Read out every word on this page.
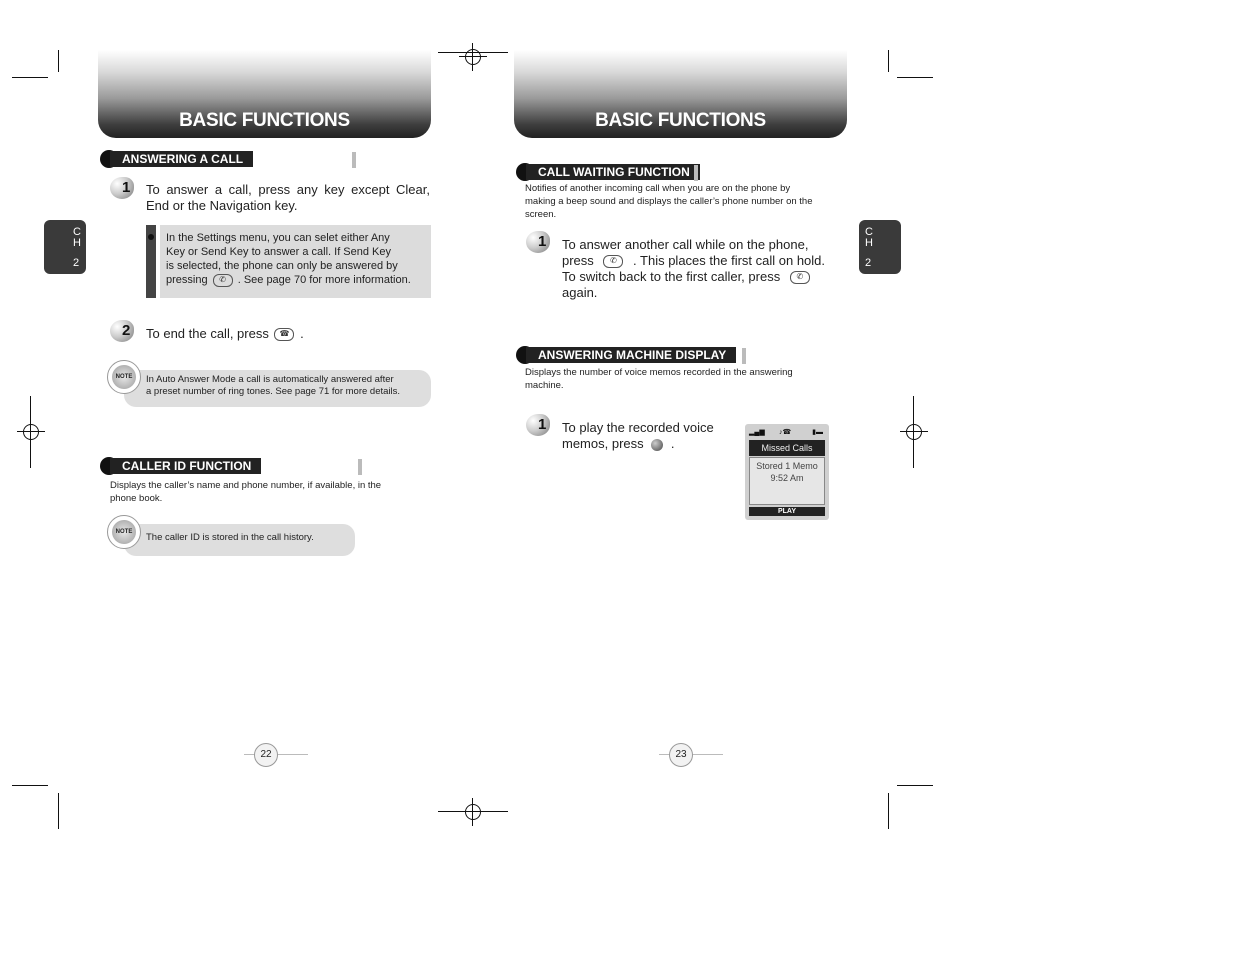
BASIC FUNCTIONS
C
H
2
ANSWERING A CALL
1 To answer a call, press any key except Clear, End or the Navigation key.
In the Settings menu, you can selet either Any
Key or Send Key to answer a call. If Send Key
is selected, the phone can only be answered by
pressing ✆ . See page 70 for more information.
2 To end the call, press ☎ .
In Auto Answer Mode a call is automatically answered after
a preset number of ring tones. See page 71 for more details.
NOTE
CALLER ID FUNCTION
Displays the caller’s name and phone number, if available, in the
phone book.
The caller ID is stored in the call history.
NOTE
22
BASIC FUNCTIONS
C
H
2
CALL WAITING FUNCTION
Notifies of another incoming call when you are on the phone by
making a beep sound and displays the caller’s phone number on the
screen.
1 To answer another call while on the phone,
press ✆ . This places the first call on hold.
To switch back to the first caller, press ✆
again.
ANSWERING MACHINE DISPLAY
Displays the number of voice memos recorded in the answering
machine.
1 To play the recorded voice
memos, press .
▂▄▆ ♪☎	▮▬
Missed Calls
Stored 1 Memo
9:52 Am
PLAY
23
